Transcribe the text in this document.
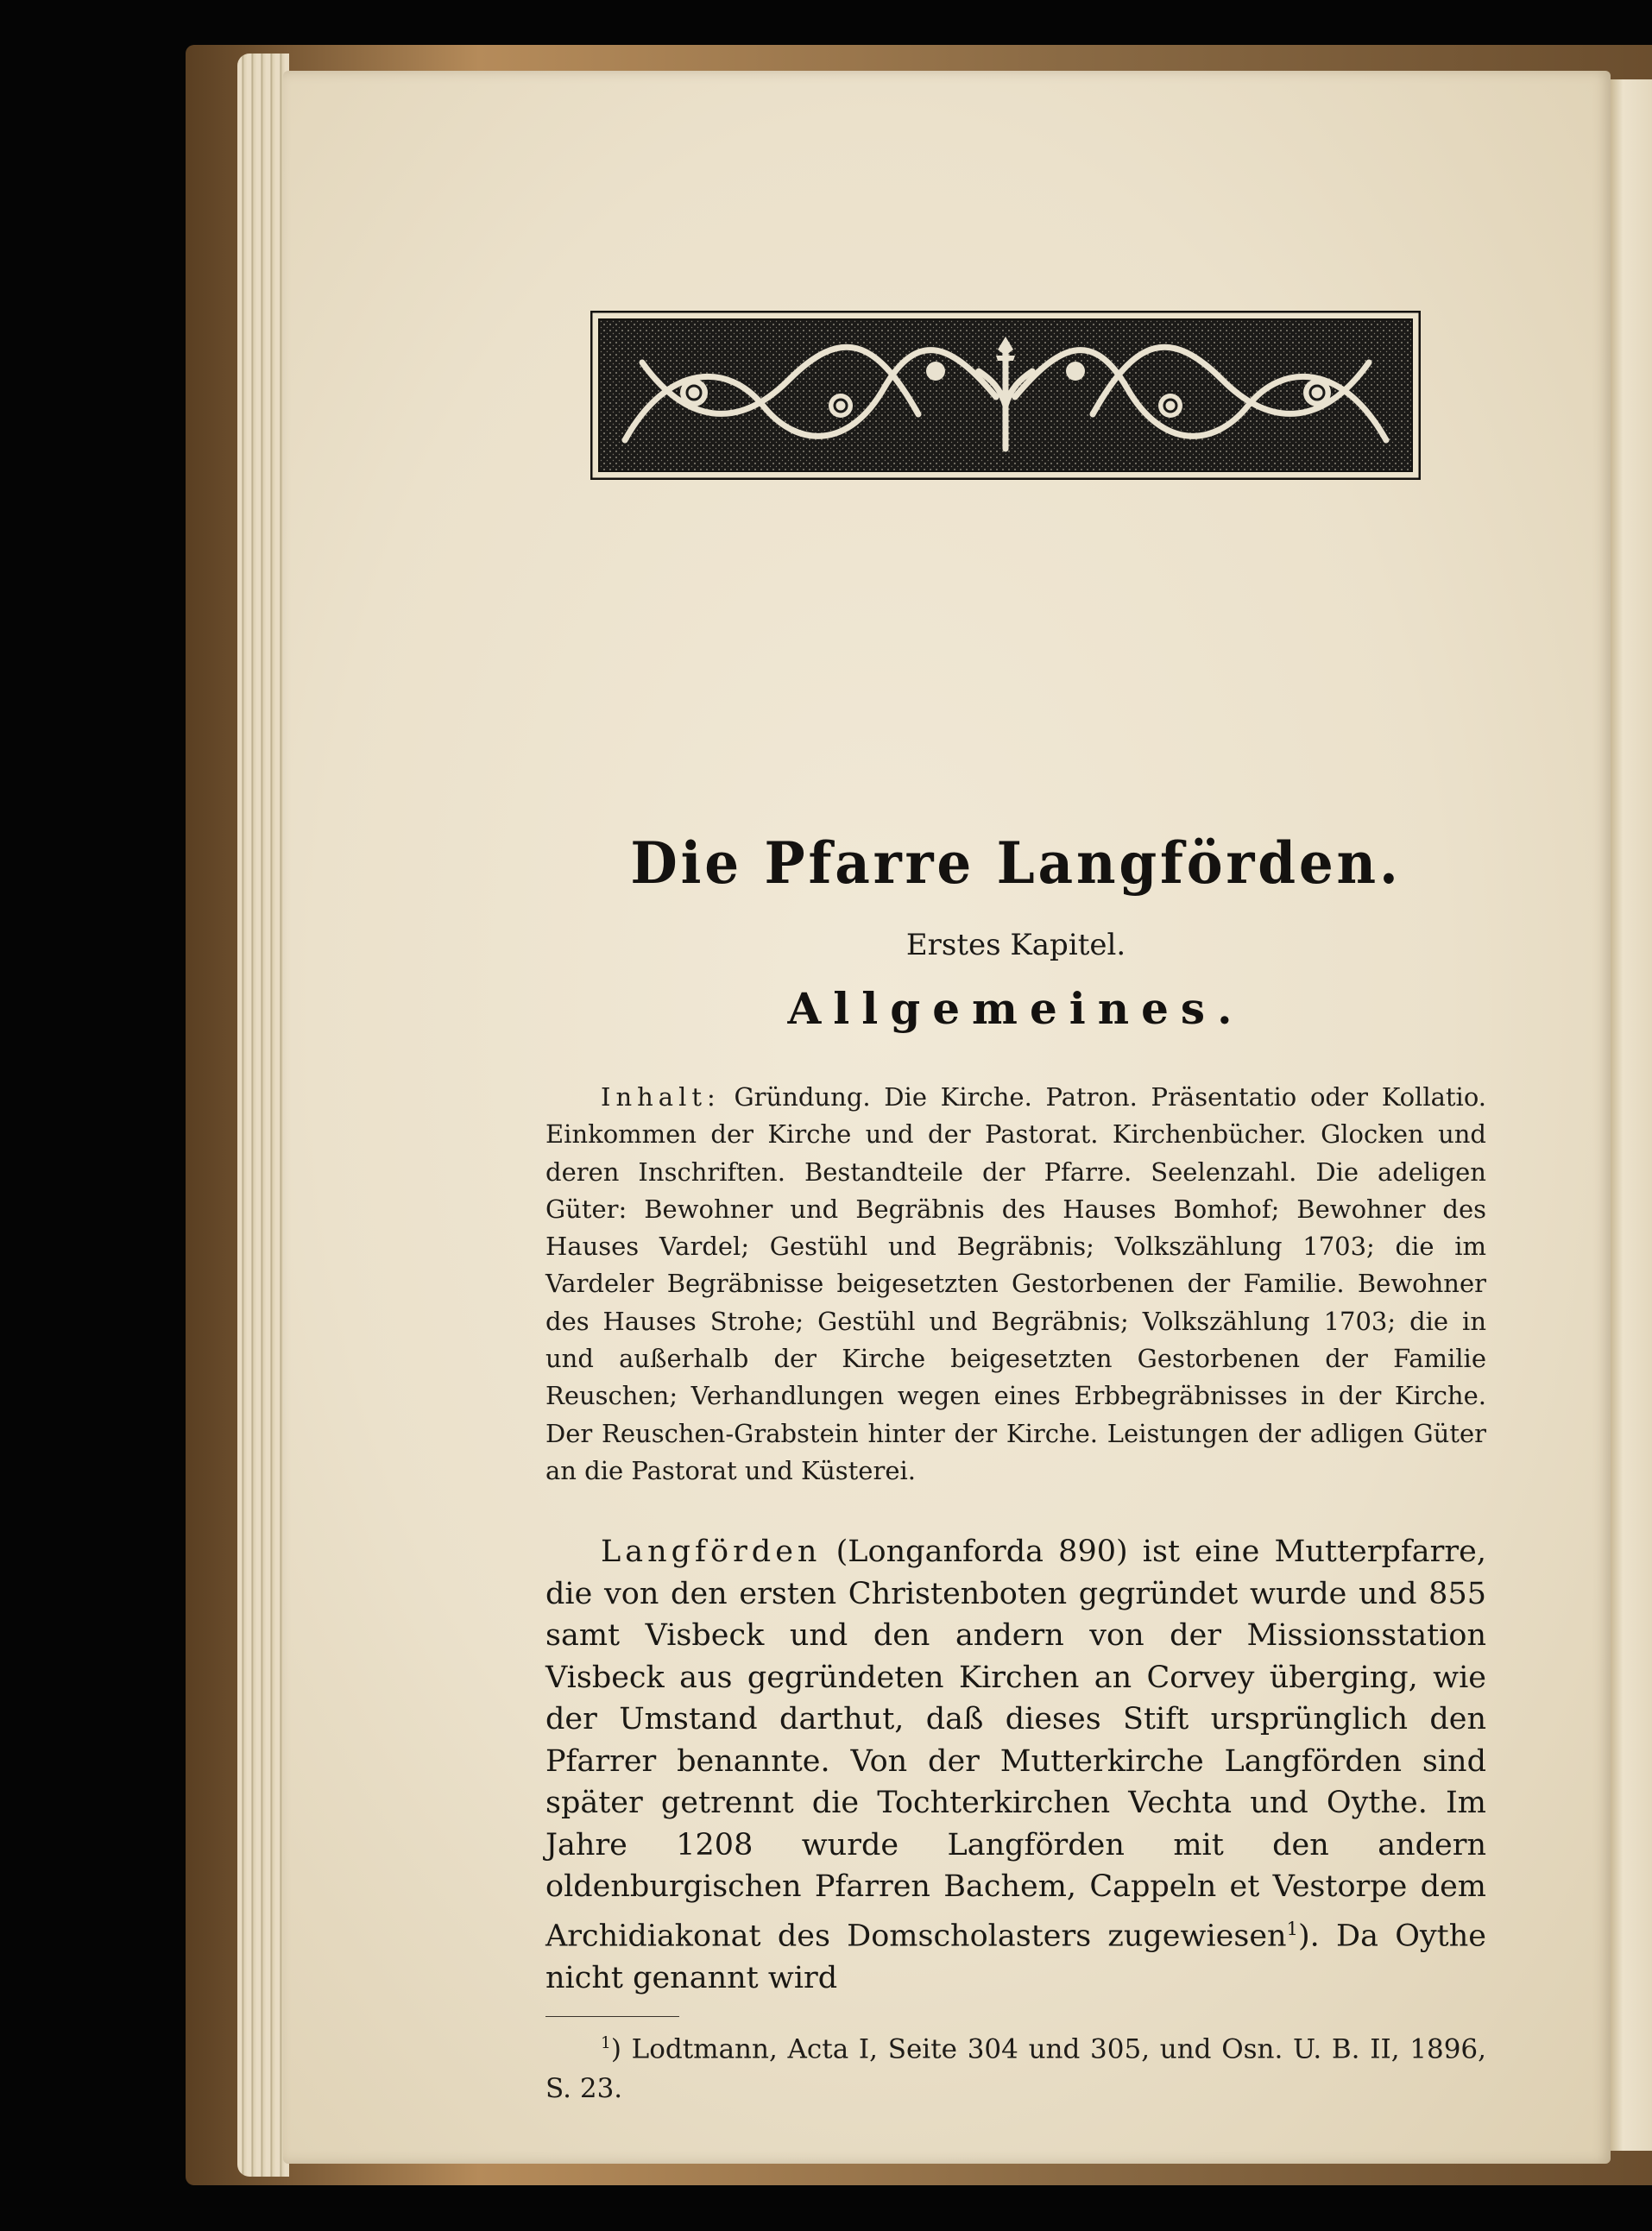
Die Pfarre Langförden.
Erstes Kapitel.
Allgemeines.

Inhalt: Gründung. Die Kirche. Patron. Präsentatio oder Kollatio. Einkommen der Kirche und der Pastorat. Kirchenbücher. Glocken und deren Inschriften. Bestandteile der Pfarre. Seelenzahl. Die adeligen Güter: Bewohner und Begräbnis des Hauses Bomhof; Bewohner des Hauses Vardel; Gestühl und Begräbnis; Volkszählung 1703; die im Vardeler Begräbnisse beigesetzten Gestorbenen der Familie. Bewohner des Hauses Strohe; Gestühl und Begräbnis; Volkszählung 1703; die in und außerhalb der Kirche beigesetzten Gestorbenen der Familie Reuschen; Verhandlungen wegen eines Erbbegräbnisses in der Kirche. Der Reuschen-Grabstein hinter der Kirche. Leistungen der adligen Güter an die Pastorat und Küsterei.

Langförden (Longanforda 890) ist eine Mutterpfarre, die von den ersten Christenboten gegründet wurde und 855 samt Visbeck und den andern von der Missionsstation Visbeck aus gegründeten Kirchen an Corvey überging, wie der Umstand darthut, daß dieses Stift ursprünglich den Pfarrer benannte. Von der Mutterkirche Langförden sind später getrennt die Tochterkirchen Vechta und Oythe. Im Jahre 1208 wurde Langförden mit den andern oldenburgischen Pfarren Bachem, Cappeln et Vestorpe dem Archidiakonat des Domscholasters zugewiesen$^1$). Da Oythe nicht genannt wird

$^1$) Lodtmann, Acta I, Seite 304 und 305, und Osn. U. B. II, 1896, S. 23.
